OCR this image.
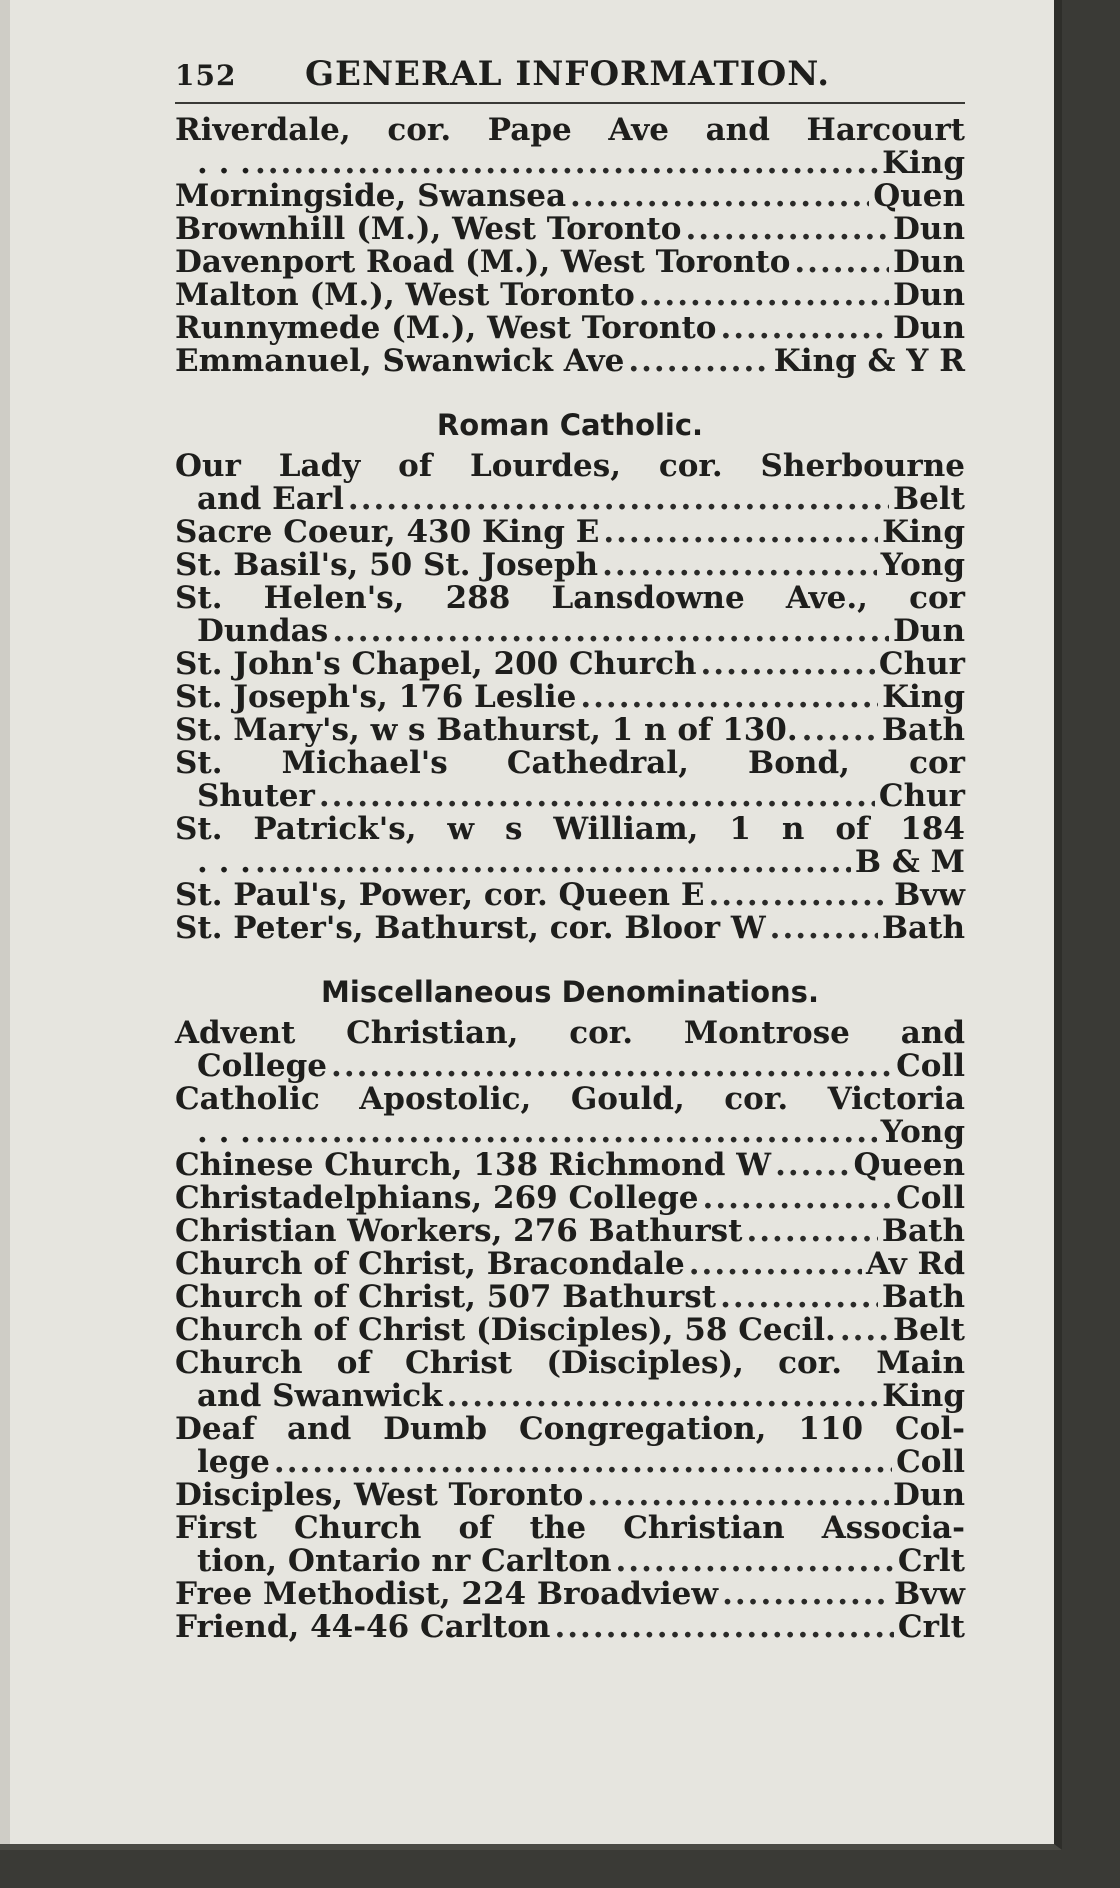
152	GENERAL INFORMATION.
Riverdale, cor. Pape Ave and Harcourt
. . . .....	King
Morningside, Swansea .....	Quen
Brownhill (M.), West Toronto .....	Dun
Davenport Road (M.), West Toronto .....	Dun
Malton (M.), West Toronto .....	Dun
Runnymede (M.), West Toronto .....	Dun
Emmanuel, Swanwick Ave .....	King & Y R
Roman Catholic.
Our Lady of Lourdes, cor. Sherbourne
and Earl .....	Belt
Sacre Coeur, 430 King E .....	King
St. Basil's, 50 St. Joseph .....	Yong
St. Helen's, 288 Lansdowne Ave., cor
Dundas .....	Dun
St. John's Chapel, 200 Church .....	Chur
St. Joseph's, 176 Leslie .....	King
St. Mary's, w s Bathurst, 1 n of 130. .....	Bath
St. Michael's Cathedral, Bond, cor
Shuter .....	Chur
St. Patrick's, w s William, 1 n of 184
. . . .....	B & M
St. Paul's, Power, cor. Queen E .....	Bvw
St. Peter's, Bathurst, cor. Bloor W .....	Bath
Miscellaneous Denominations.
Advent Christian, cor. Montrose and
College .....	Coll
Catholic Apostolic, Gould, cor. Victoria
. . . .....	Yong
Chinese Church, 138 Richmond W .....	Queen
Christadelphians, 269 College .....	Coll
Christian Workers, 276 Bathurst .....	Bath
Church of Christ, Bracondale .....	Av Rd
Church of Christ, 507 Bathurst .....	Bath
Church of Christ (Disciples), 58 Cecil. ..... Belt
Church of Christ (Disciples), cor. Main
and Swanwick .....	King
Deaf and Dumb Congregation, 110 Col-
lege .....	Coll
Disciples, West Toronto .....	Dun
First Church of the Christian Associa-
tion, Ontario nr Carlton .....	Crlt
Free Methodist, 224 Broadview .....	Bvw
Friend, 44-46 Carlton .....	Crlt
